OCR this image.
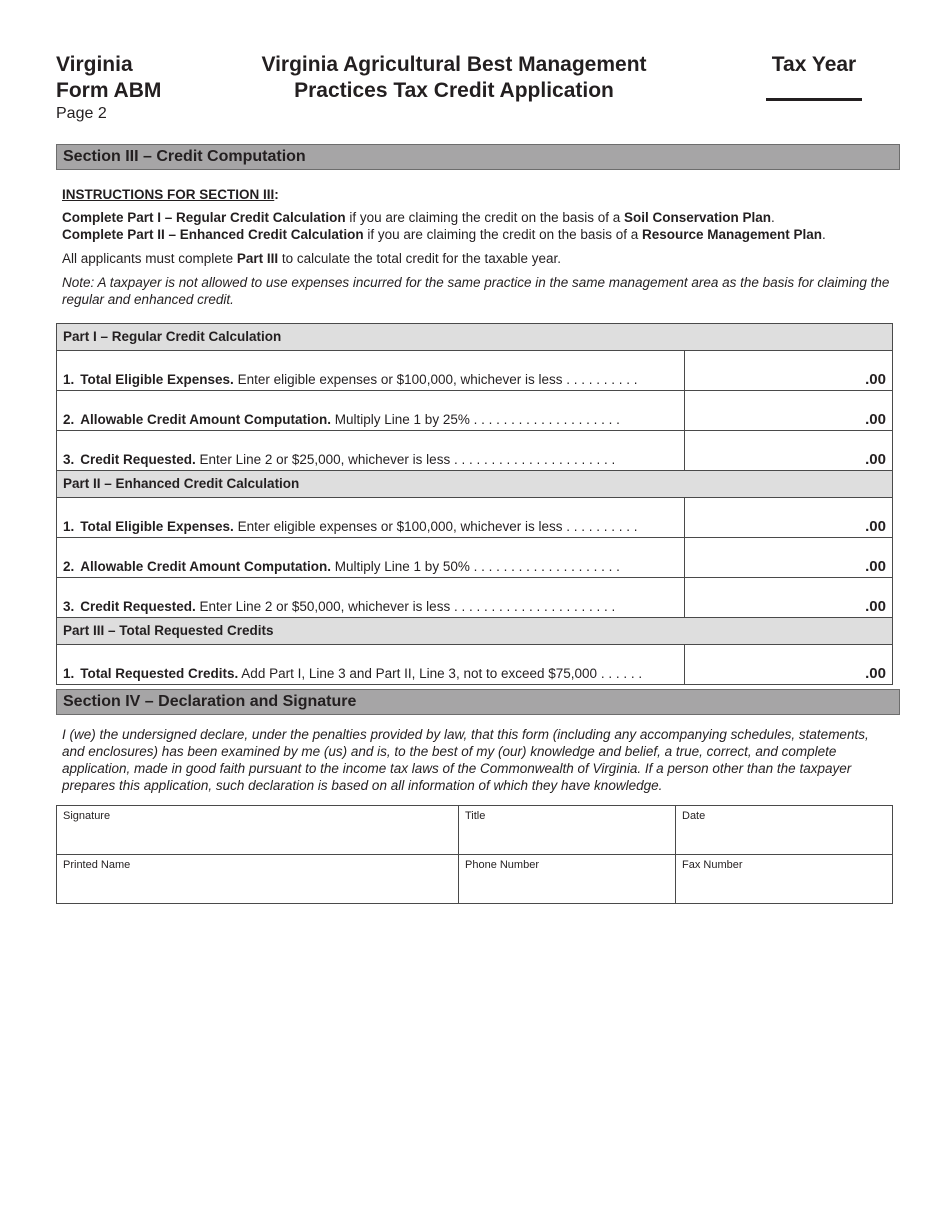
Virginia
Form ABM
Page 2
Virginia Agricultural Best Management
Practices Tax Credit Application
Tax Year
Section III – Credit Computation
INSTRUCTIONS FOR SECTION III:
Complete Part I – Regular Credit Calculation if you are claiming the credit on the basis of a Soil Conservation Plan.
Complete Part II – Enhanced Credit Calculation if you are claiming the credit on the basis of a Resource Management Plan.
All applicants must complete Part III to calculate the total credit for the taxable year.
Note: A taxpayer is not allowed to use expenses incurred for the same practice in the same management area as the basis for claiming the regular and enhanced credit.
Part I – Regular Credit Calculation
1. Total Eligible Expenses. Enter eligible expenses or $100,000, whichever is less . . . . . . . . . .	.00
2. Allowable Credit Amount Computation. Multiply Line 1 by 25% . . . . . . . . . . . . . . . . . . . .	.00
3. Credit Requested. Enter Line 2 or $25,000, whichever is less . . . . . . . . . . . . . . . . . . . . . .	.00
Part II – Enhanced Credit Calculation
1. Total Eligible Expenses. Enter eligible expenses or $100,000, whichever is less . . . . . . . . . .	.00
2. Allowable Credit Amount Computation. Multiply Line 1 by 50% . . . . . . . . . . . . . . . . . . . .	.00
3. Credit Requested. Enter Line 2 or $50,000, whichever is less . . . . . . . . . . . . . . . . . . . . . .	.00
Part III – Total Requested Credits
1. Total Requested Credits. Add Part I, Line 3 and Part II, Line 3, not to exceed $75,000 . . . . . .	.00
Section IV – Declaration and Signature
I (we) the undersigned declare, under the penalties provided by law, that this form (including any accompanying schedules, statements, and enclosures) has been examined by me (us) and is, to the best of my (our) knowledge and belief, a true, correct, and complete application, made in good faith pursuant to the income tax laws of the Commonwealth of Virginia. If a person other than the taxpayer prepares this application, such declaration is based on all information of which they have knowledge.
Signature	Title	Date
Printed Name	Phone Number	Fax Number
